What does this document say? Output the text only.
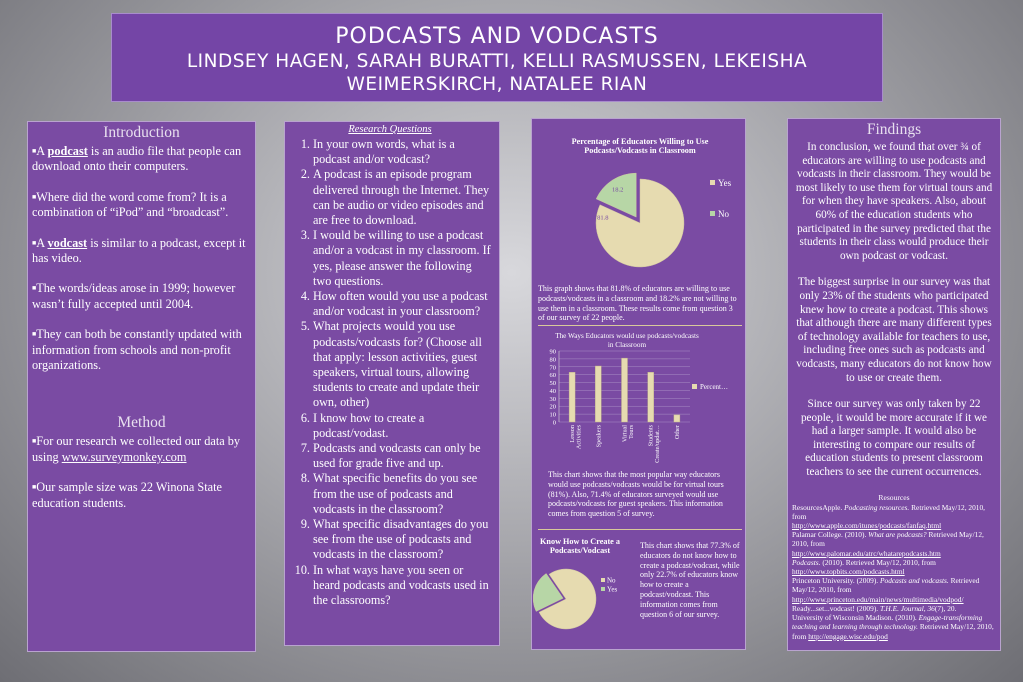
PODCASTS AND VODCASTS
LINDSEY HAGEN, SARAH BURATTI, KELLI RASMUSSEN, LEKEISHA WEIMERSKIRCH, NATALEE RIAN
Introduction

■A podcast is an audio file that people can download onto their computers.

■Where did the word come from? It is a combination of “iPod” and “broadcast”.

■A vodcast is similar to a podcast, except it has video.

■The words/ideas arose in 1999; however wasn’t fully accepted until 2004.

■They can both be constantly updated with information from schools and non-profit organizations.

Method

■For our research we collected our data by using www.surveymonkey.com

■Our sample size was 22 Winona State education students.

Research Questions
1. In your own words, what is a podcast and/or vodcast?
2. A podcast is an episode program delivered through the Internet. They can be audio or video episodes and are free to download.
3. I would be willing to use a podcast and/or a vodcast in my classroom. If yes, please answer the following two questions.
4. How often would you use a podcast and/or vodcast in your classroom?
5. What projects would you use podcasts/vodcasts for? (Choose all that apply: lesson activities, guest speakers, virtual tours, allowing students to create and update their own, other)
6. I know how to create a podcast/vodast.
7. Podcasts and vodcasts can only be used for grade five and up.
8. What specific benefits do you see from the use of podcasts and vodcasts in the classroom?
9. What specific disadvantages do you see from the use of podcasts and vodcasts in the classroom?
10. In what ways have you seen or heard podcasts and vodcasts used in the classrooms?
Percentage of Educators Willing to Use Podcasts/Vodcasts in Classroom
18.2
81.8
Yes
No
This graph shows that 81.8% of educators are willing to use podcasts/vodcasts in a classroom and 18.2% are not willing to use them in a classroom. These results come from question 3 of our survey of 22 people.
The Ways Educators would use podcasts/vodcasts
in Classroom
0
10
20
30
40
50
60
70
80
90
Lesson Activities Speakers	Virtual Tours Students Create/updat… Other
Percent…
This chart shows that the most popular way educators would use podcasts/vodcasts would be for virtual tours (81%). Also, 71.4% of educators surveyed would use podcasts/vodcasts for guest speakers. This information comes from question 5 of survey.
Know How to Create a Podcasts/Vodcast
No
Yes
This chart shows that 77.3% of educators do not know how to create a podcast/vodcast, while only 22.7% of educators know how to create a podcast/vodcast. This information comes from question 6 of our survey.
Findings

In conclusion, we found that over ¾ of educators are willing to use podcasts and vodcasts in their classroom. They would be most likely to use them for virtual tours and for when they have speakers. Also, about 60% of the education students who participated in the survey predicted that the students in their class would produce their own podcast or vodcast.

The biggest surprise in our survey was that only 23% of the students who participated knew how to create a podcast. This shows that although there are many different types of technology available for teachers to use, including free ones such as podcasts and vodcasts, many educators do not know how to use or create them.

Since our survey was only taken by 22 people, it would be more accurate if it we had a larger sample. It would also be interesting to compare our results of education students to present classroom teachers to see the current occurrences.

Resources
ResourcesApple. Podcasting resources. Retrieved May/12, 2010, from
http://www.apple.com/itunes/podcasts/fanfaq.html
Palamar College. (2010). What are podcasts? Retrieved May/12, 2010, from
http://www.palomar.edu/atrc/whatarepodcasts.htm
Podcasts. (2010). Retrieved May/12, 2010, from
http://www.topbits.com/podcasts.html
Princeton University. (2009). Podcasts and vodcasts. Retrieved May/12, 2010, from
http://www.princeton.edu/main/news/multimedia/vodpod/
Ready...set...vodcast! (2009). T.H.E. Journal, 36(7), 20.
University of Wisconsin Madison. (2010). Engage-transforming teaching and learning through technology. Retrieved May/12, 2010, from http://engage.wisc.edu/pod
